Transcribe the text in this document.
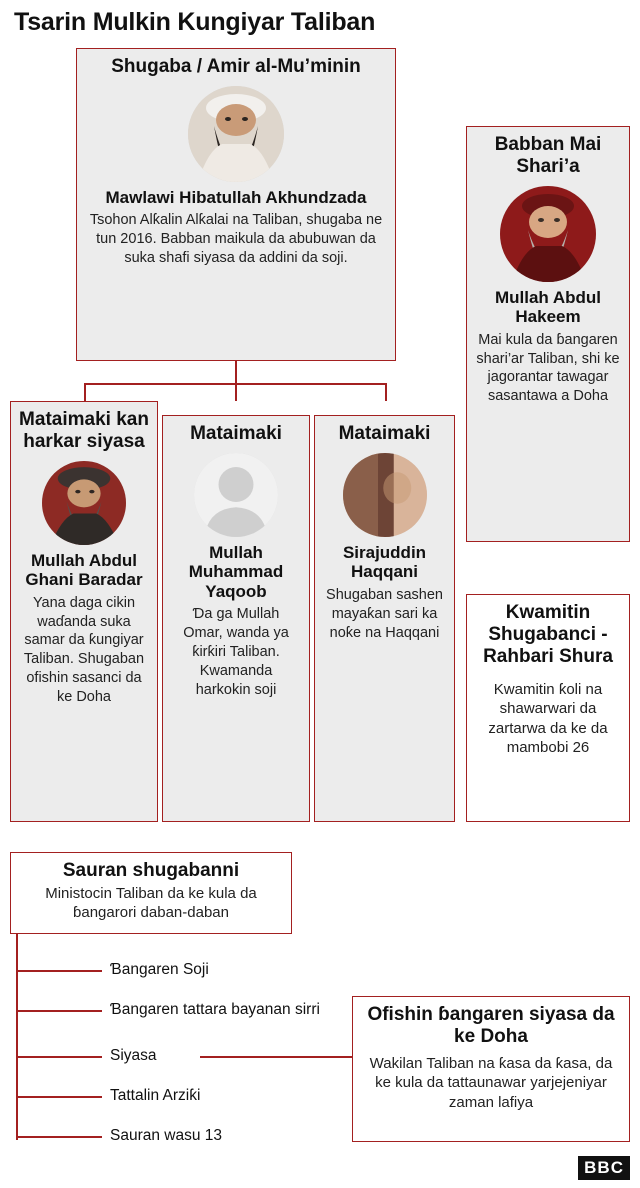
Tsarin Mulkin Kungiyar Taliban
Shugaba / Amir al-Mu’minin
Mawlawi Hibatullah Akhundzada
Tsohon Alƙalin Alƙalai na Taliban, shugaba ne tun 2016. Babban maikula da abubuwan da suka shafi siyasa da addini da soji.
Babban Mai Shari’a
Mullah Abdul Hakeem
Mai kula da ɓangaren shari’ar Taliban, shi ke jagorantar tawagar sasantawa a Doha
Mataimaki kan harkar siyasa
Mullah Abdul Ghani Baradar
Yana daga cikin waɗanda suka samar da ƙungiyar Taliban. Shugaban ofishin sasanci da ke Doha
Mataimaki
Mullah Muhammad Yaqoob
Ɗa ga Mullah Omar, wanda ya ƙirƙiri Taliban. Kwamanda harkokin soji
Mataimaki
Sirajuddin Haqqani
Shugaban sashen mayaƙan sari ka noƙe na Haqqani
Kwamitin Shugabanci -Rahbari Shura
Kwamitin ƙoli na shawarwari da zartarwa da ke da mambobi 26
Sauran shugabanni
Ministocin Taliban da ke kula da ɓangarori daban-daban
Ɓangaren Soji
Ɓangaren tattara bayanan sirri
Siyasa
Tattalin Arziƙi
Sauran wasu 13
Ofishin ɓangaren siyasa da ke Doha
Wakilan Taliban na ƙasa da ƙasa, da ke kula da tattaunawar yarjejeniyar zaman lafiya
BBC
